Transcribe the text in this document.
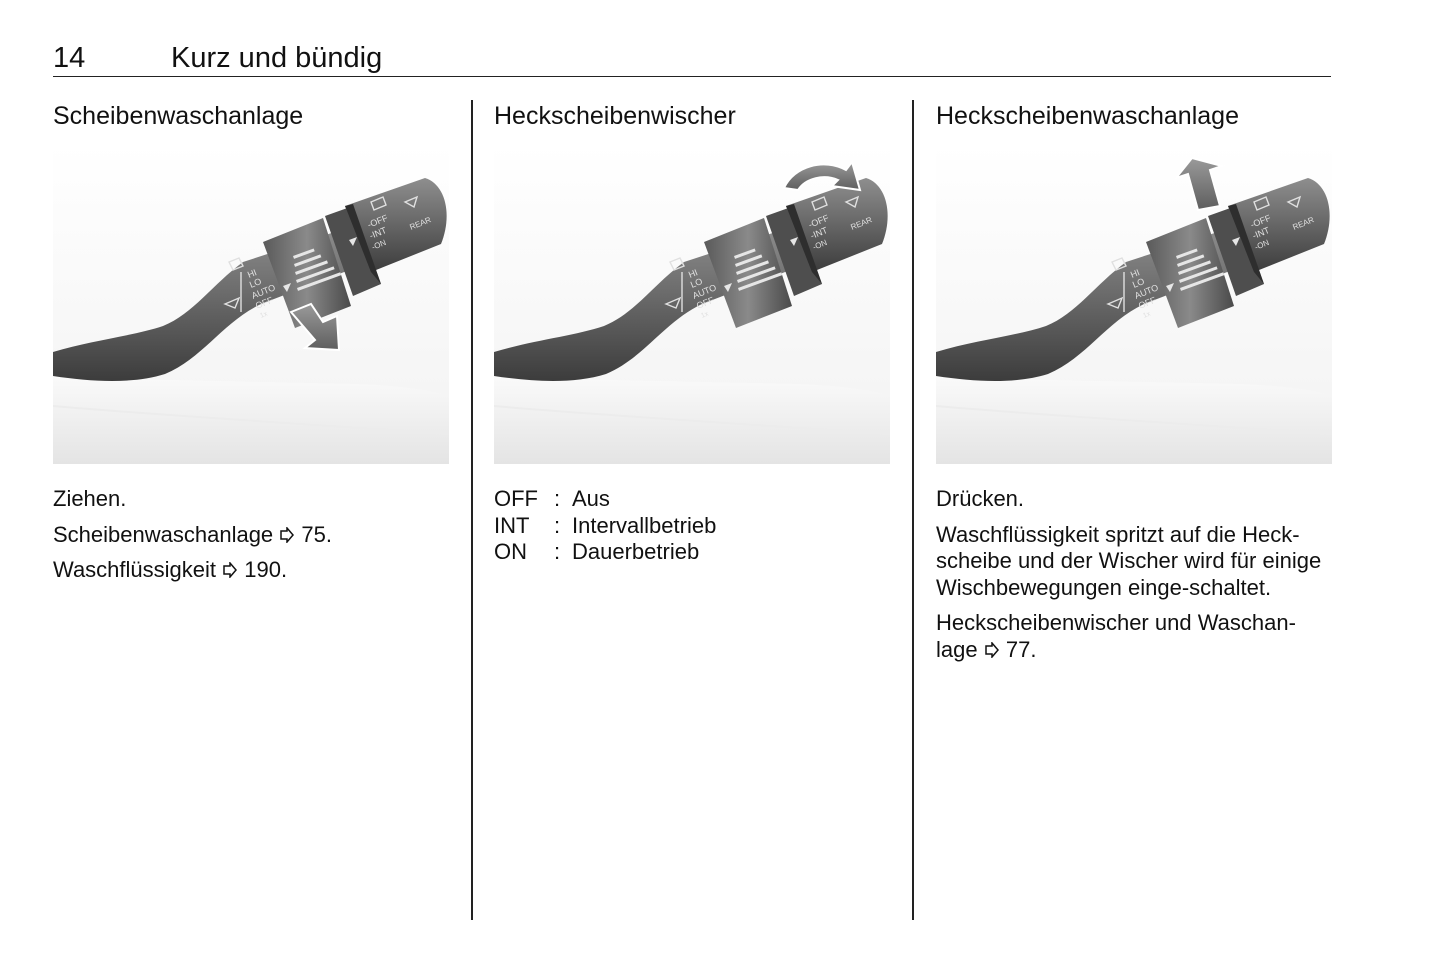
14	Kurz und bündig
Scheibenwaschanlage

Ziehen.

Scheibenwaschanlage 75.

Waschflüssigkeit 190.

Heckscheibenwischer
OFF	:	Aus
INT	:	Intervallbetrieb
ON	:	Dauerbetrieb
Heckscheibenwaschanlage

Drücken.

Waschflüssigkeit spritzt auf die Heck-scheibe und der Wischer wird für einige Wischbewegungen einge-schaltet.

Heckscheibenwischer und Waschan-lage 77.
